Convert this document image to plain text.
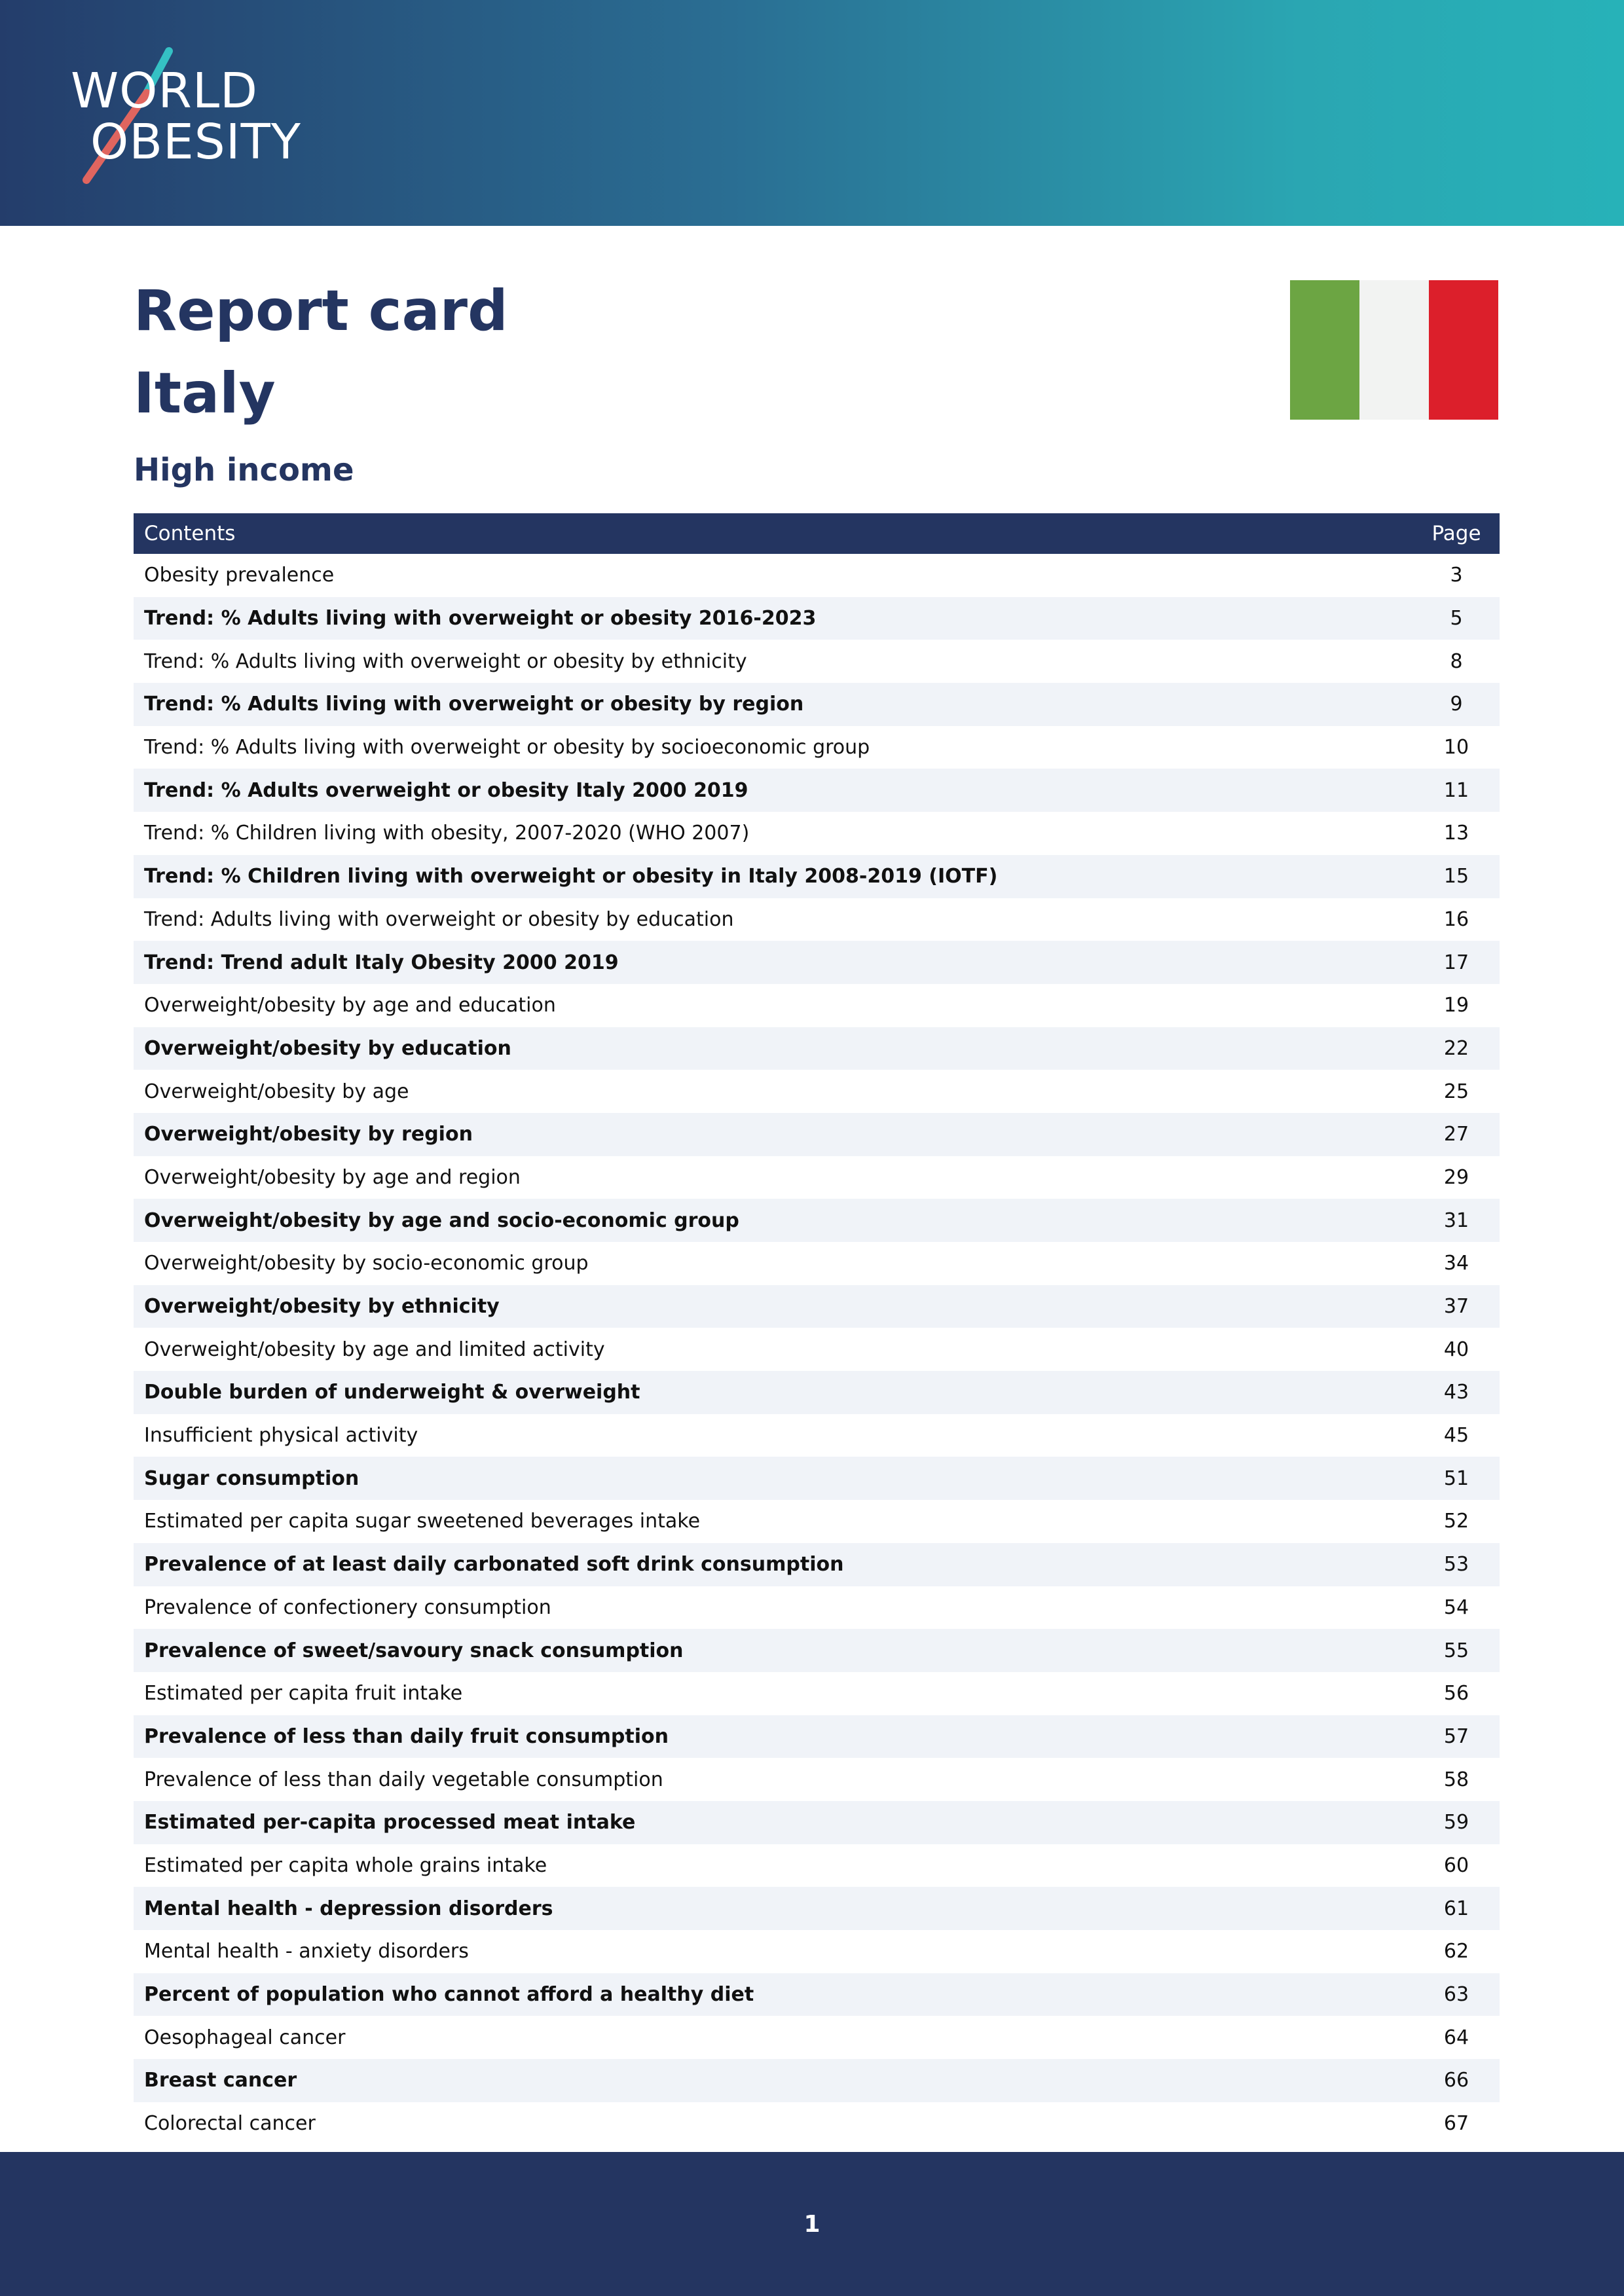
WORLD
OBESITY
Report card
Italy
High income
Contents	Page
Obesity prevalence	3
Trend: % Adults living with overweight or obesity 2016-2023	5
Trend: % Adults living with overweight or obesity by ethnicity	8
Trend: % Adults living with overweight or obesity by region	9
Trend: % Adults living with overweight or obesity by socioeconomic group	10
Trend: % Adults overweight or obesity Italy 2000 2019	11
Trend: % Children living with obesity, 2007-2020 (WHO 2007)	13
Trend: % Children living with overweight or obesity in Italy 2008-2019 (IOTF)	15
Trend: Adults living with overweight or obesity by education	16
Trend: Trend adult Italy Obesity 2000 2019	17
Overweight/obesity by age and education	19
Overweight/obesity by education	22
Overweight/obesity by age	25
Overweight/obesity by region	27
Overweight/obesity by age and region	29
Overweight/obesity by age and socio-economic group	31
Overweight/obesity by socio-economic group	34
Overweight/obesity by ethnicity	37
Overweight/obesity by age and limited activity	40
Double burden of underweight & overweight	43
Insufficient physical activity	45
Sugar consumption	51
Estimated per capita sugar sweetened beverages intake	52
Prevalence of at least daily carbonated soft drink consumption	53
Prevalence of confectionery consumption	54
Prevalence of sweet/savoury snack consumption	55
Estimated per capita fruit intake	56
Prevalence of less than daily fruit consumption	57
Prevalence of less than daily vegetable consumption	58
Estimated per-capita processed meat intake	59
Estimated per capita whole grains intake	60
Mental health - depression disorders	61
Mental health - anxiety disorders	62
Percent of population who cannot afford a healthy diet	63
Oesophageal cancer	64
Breast cancer	66
Colorectal cancer	67
1
